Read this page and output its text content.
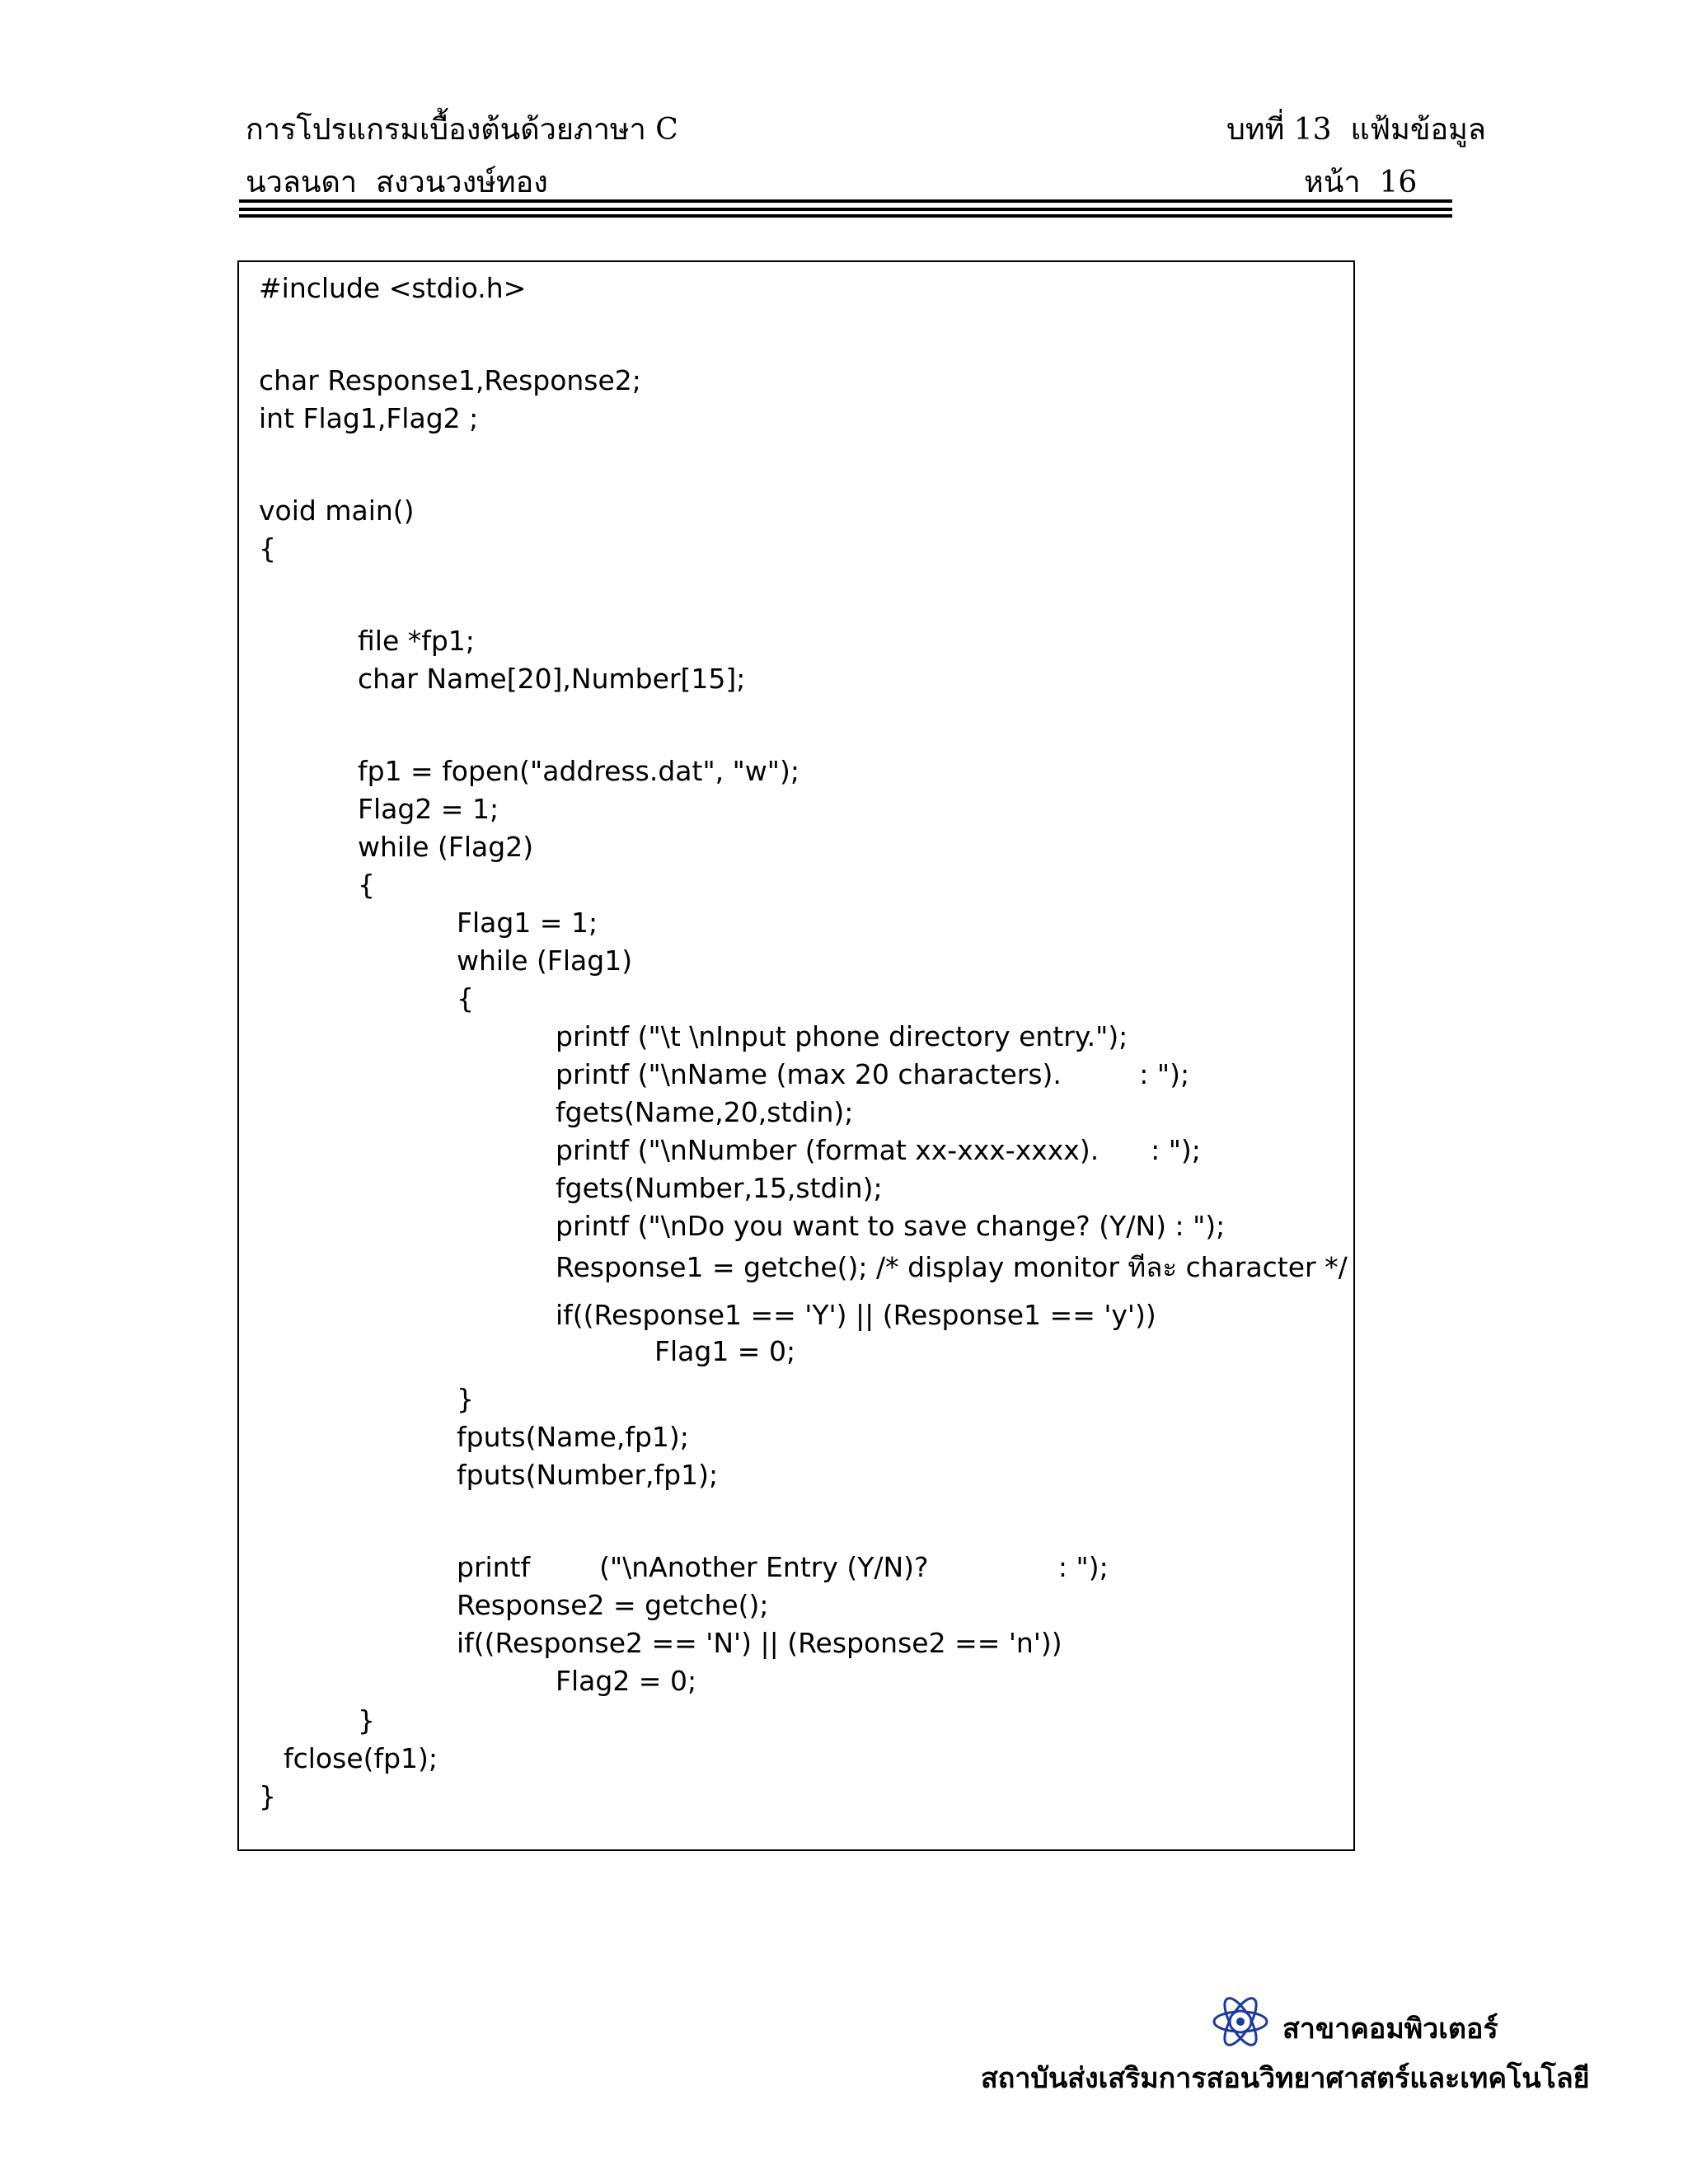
การโปรแกรมเบื้องต้นด้วยภาษา C	บทที่ 13  แฟ้มข้อมูล
นวลนดา  สงวนวงษ์ทอง	หน้า  16
#include <stdio.h>
char Response1,Response2;
int Flag1,Flag2 ;
void main()
{
file *fp1;
char Name[20],Number[15];
fp1 = fopen("address.dat", "w");
Flag2 = 1;
while (Flag2)
{
Flag1 = 1;
while (Flag1)
{
printf ("\t \nInput phone directory entry.");
printf ("\nName (max 20 characters).         : ");
fgets(Name,20,stdin);
printf ("\nNumber (format xx-xxx-xxxx).      : ");
fgets(Number,15,stdin);
printf ("\nDo you want to save change? (Y/N) : ");
Response1 = getche(); /* display monitor ทีละ character */
if((Response1 == 'Y') || (Response1 == 'y'))
Flag1 = 0;
}
fputs(Name,fp1);
fputs(Number,fp1);
printf        ("\nAnother Entry (Y/N)?               : ");
Response2 = getche();
if((Response2 == 'N') || (Response2 == 'n'))
Flag2 = 0;
}
fclose(fp1);
}
สาขาคอมพิวเตอร์
สถาบันส่งเสริมการสอนวิทยาศาสตร์และเทคโนโลยี
